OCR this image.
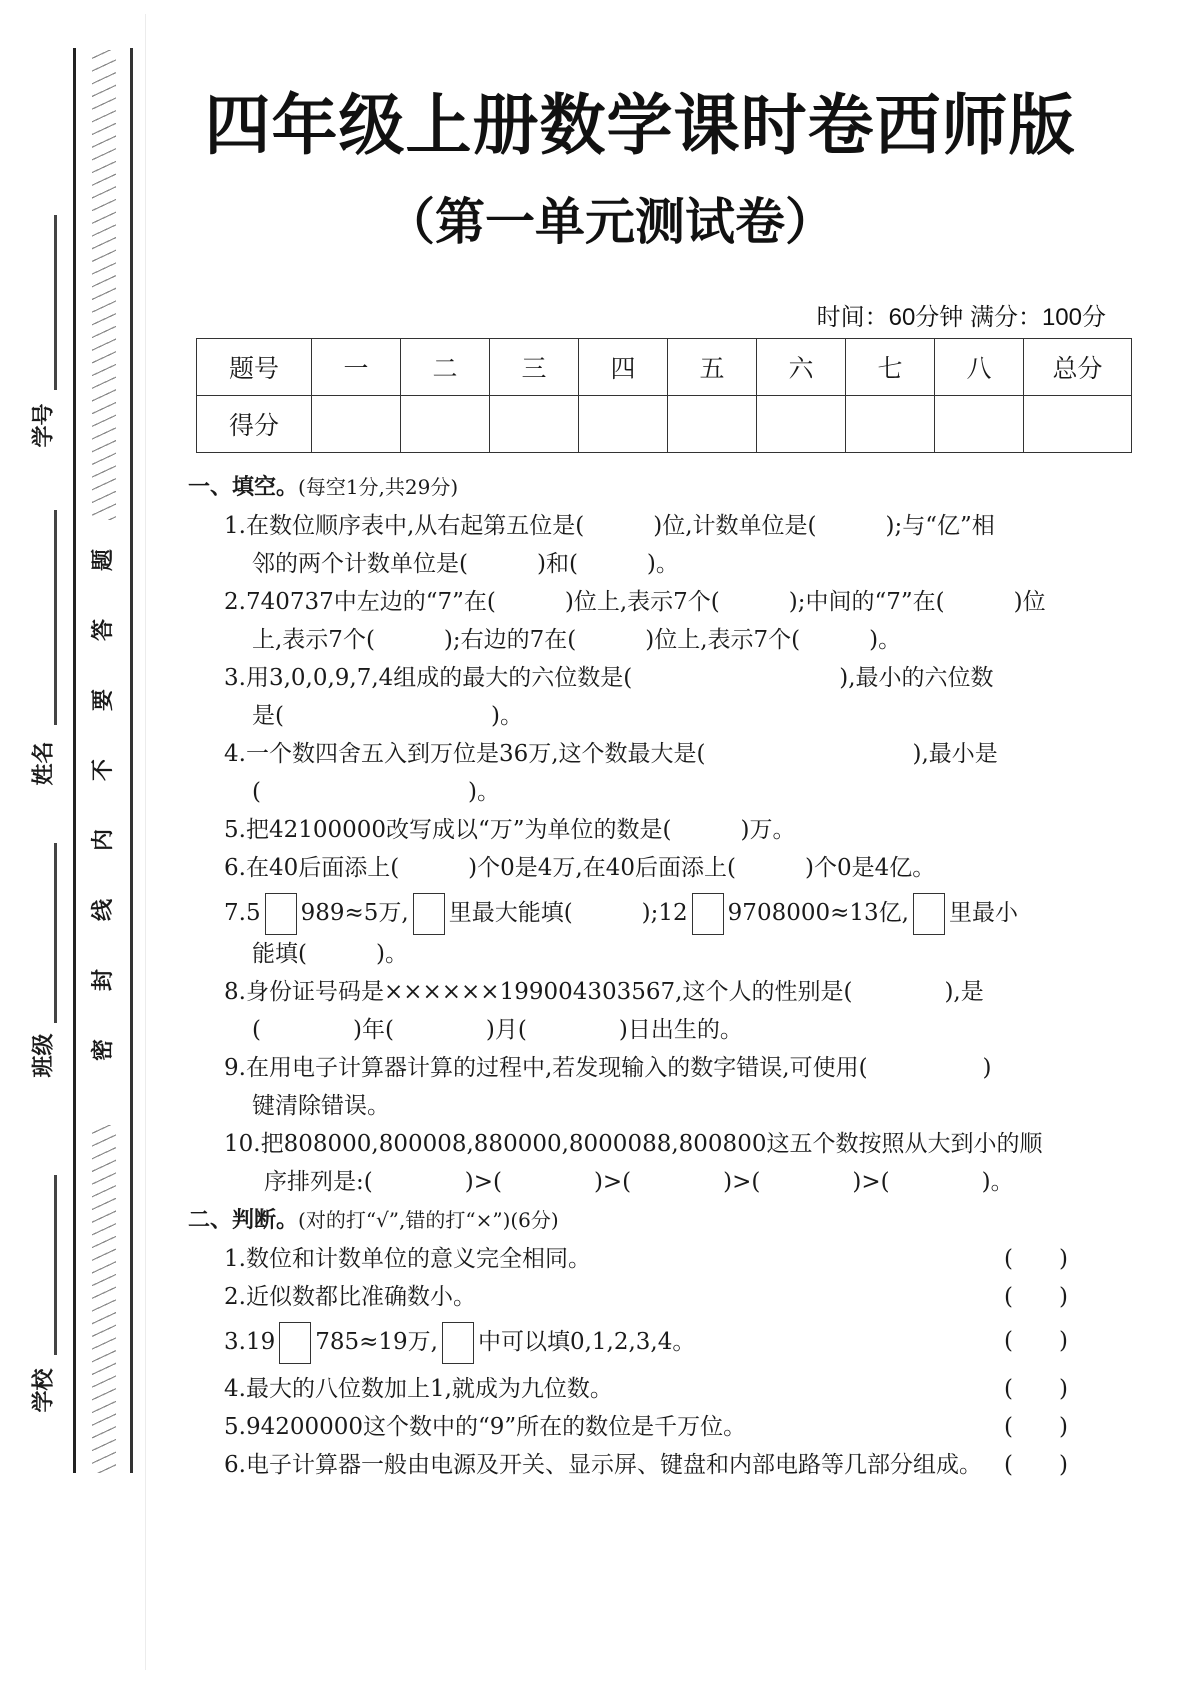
题
答
要
不
内
线
封
密
学号
姓名
班级
学校
四年级上册数学课时卷西师版
（第一单元测试卷）
时间：60分钟 满分：100分
题号	一	二	三	四	五	六	七	八	总分
得分									
一、填空。(每空1分,共29分)
1.在数位顺序表中,从右起第五位是(　　　)位,计数单位是(　　　);与“亿”相
邻的两个计数单位是(　　　)和(　　　)。
2.740737中左边的“7”在(　　　)位上,表示7个(　　　);中间的“7”在(　　　)位
上,表示7个(　　　);右边的7在(　　　)位上,表示7个(　　　)。
3.用3,0,0,9,7,4组成的最大的六位数是(　　　　　　　　　),最小的六位数
是(　　　　　　　　　)。
4.一个数四舍五入到万位是36万,这个数最大是(　　　　　　　　　),最小是
(　　　　　　　　　)。
5.把42100000改写成以“万”为单位的数是(　　　)万。
6.在40后面添上(　　　)个0是4万,在40后面添上(　　　)个0是4亿。
7.5 989≈5万, 里最大能填(　　　);12 9708000≈13亿, 里最小
能填(　　　)。
8.身份证号码是××××××199004303567,这个人的性别是(　　　　),是
(　　　　)年(　　　　)月(　　　　)日出生的。
9.在用电子计算器计算的过程中,若发现输入的数字错误,可使用(　　　　　)
键清除错误。
10.把808000,800008,880000,8000088,800800这五个数按照从大到小的顺
序排列是:(　　　　)>(　　　　)>(　　　　)>(　　　　)>(　　　　)。
二、判断。(对的打“√”,错的打“×”)(6分)
1.数位和计数单位的意义完全相同。	(　　)
2.近似数都比准确数小。	(　　)
3.19 785≈19万, 中可以填0,1,2,3,4。	(　　)
4.最大的八位数加上1,就成为九位数。	(　　)
5.94200000这个数中的“9”所在的数位是千万位。	(　　)
6.电子计算器一般由电源及开关、显示屏、键盘和内部电路等几部分组成。 (　　)
